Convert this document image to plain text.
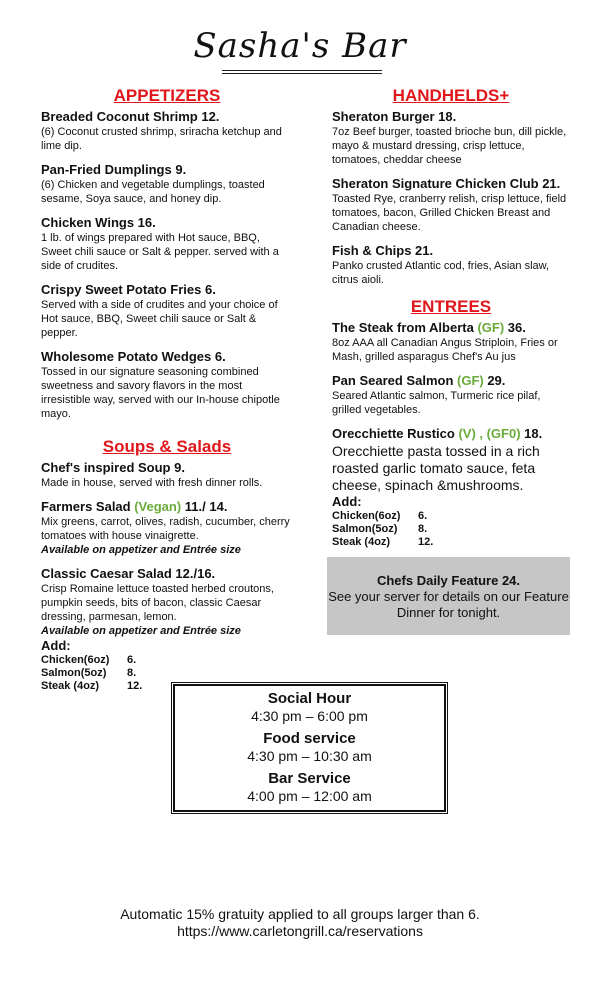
Sasha's Bar
APPETIZERS
Breaded Coconut Shrimp 12.
(6) Coconut crusted shrimp, sriracha ketchup and lime dip.
Pan-Fried Dumplings 9.
(6) Chicken and vegetable dumplings, toasted sesame, Soya sauce, and honey dip.
Chicken Wings 16.
1 lb. of wings prepared with Hot sauce, BBQ, Sweet chili sauce or Salt & pepper. served with a side of crudites.
Crispy Sweet Potato Fries 6.
Served with a side of crudites and your choice of Hot sauce, BBQ, Sweet chili sauce or Salt & pepper.
Wholesome Potato Wedges 6.
Tossed in our signature seasoning combined sweetness and savory flavors in the most irresistible way, served with our In-house chipotle mayo.
Soups & Salads
Chef's inspired Soup 9.
Made in house, served with fresh dinner rolls.
Farmers Salad (Vegan) 11./ 14.
Mix greens, carrot, olives, radish, cucumber, cherry tomatoes with house vinaigrette.
Available on appetizer and Entrée size
Classic Caesar Salad 12./16.
Crisp Romaine lettuce toasted herbed croutons, pumpkin seeds, bits of bacon, classic Caesar dressing, parmesan, lemon.
Available on appetizer and Entrée size
Add:
Chicken(6oz)	6.
Salmon(5oz)	8.
Steak (4oz)	12.
HANDHELDS+
Sheraton Burger 18.
7oz Beef burger, toasted brioche bun, dill pickle, mayo & mustard dressing, crisp lettuce, tomatoes, cheddar cheese
Sheraton Signature Chicken Club 21.
Toasted Rye, cranberry relish, crisp lettuce, field tomatoes, bacon, Grilled Chicken Breast and Canadian cheese.
Fish & Chips 21.
Panko crusted Atlantic cod, fries, Asian slaw, citrus aioli.
ENTREES
The Steak from Alberta (GF) 36.
8oz AAA all Canadian Angus Striploin, Fries or Mash, grilled asparagus Chef's Au jus
Pan Seared Salmon (GF) 29.
Seared Atlantic salmon, Turmeric rice pilaf, grilled vegetables.
Orecchiette Rustico (V) , (GF0) 18.
Orecchiette pasta tossed in a rich roasted garlic tomato sauce, feta cheese, spinach &mushrooms.
Add:
Chicken(6oz)	6.
Salmon(5oz)	8.
Steak (4oz)	12.
Chefs Daily Feature 24.
See your server for details on our Feature Dinner for tonight.
Social Hour
4:30 pm – 6:00 pm
Food service
4:30 pm – 10:30 am
Bar Service
4:00 pm – 12:00 am
Automatic 15% gratuity applied to all groups larger than 6.
https://www.carletongrill.ca/reservations
